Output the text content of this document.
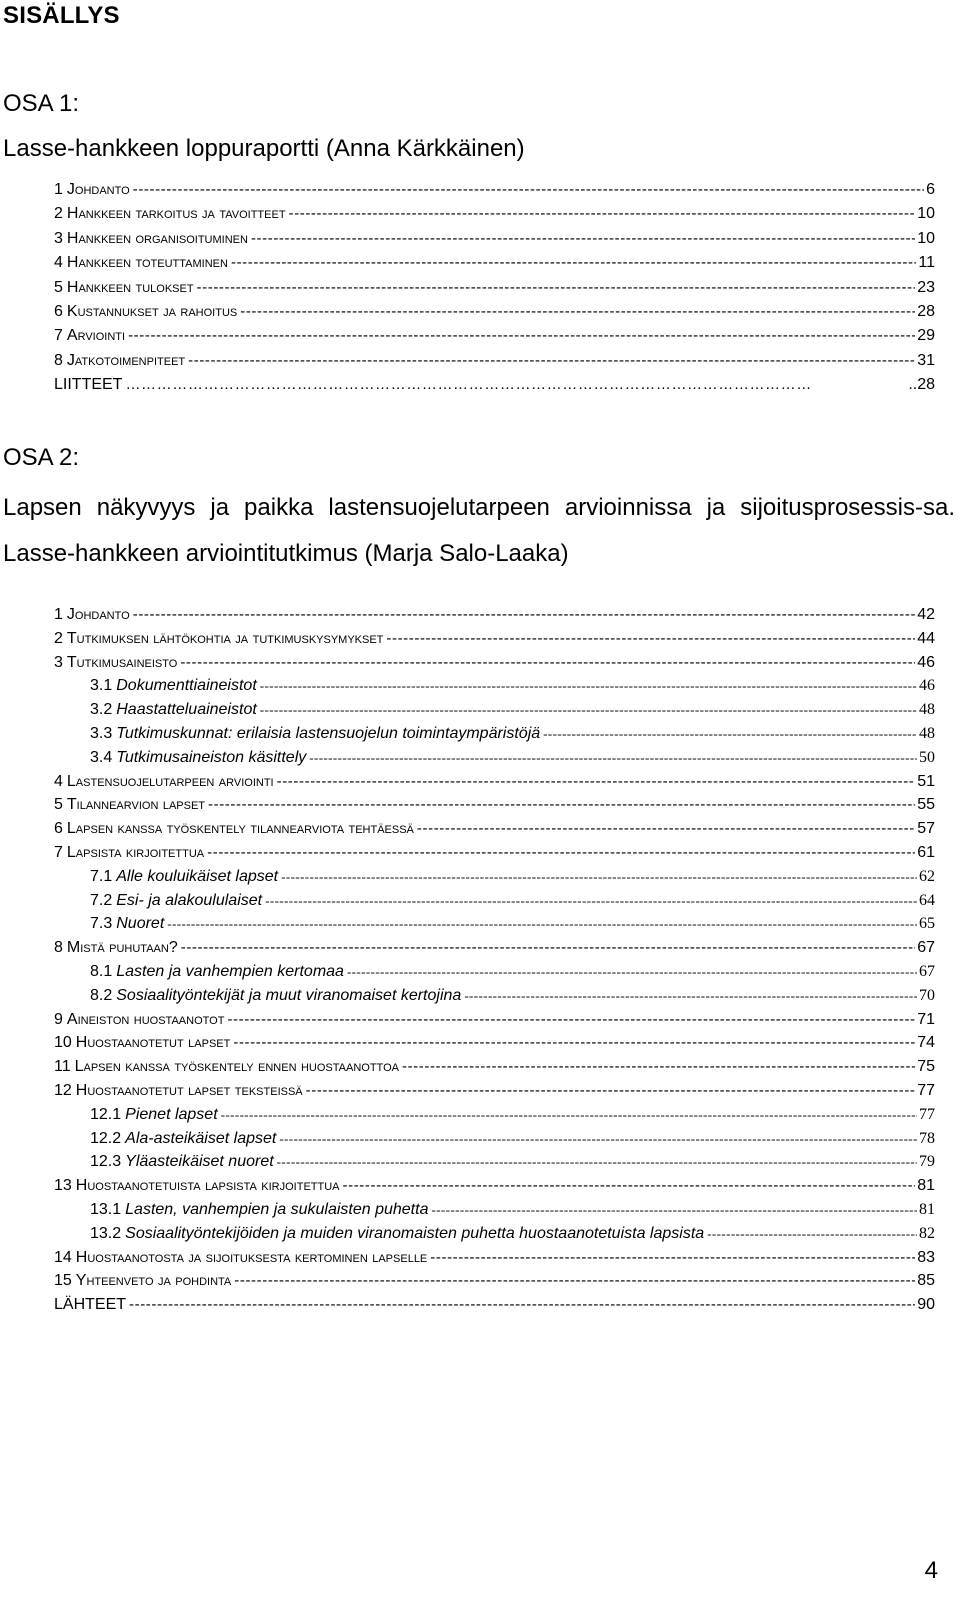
SISÄLLYS
OSA 1:
Lasse-hankkeen loppuraportti (Anna Kärkkäinen)
1 Johdanto -----	6
2 Hankkeen tarkoitus ja tavoitteet -----	10
3 Hankkeen organisoituminen -----	10
4 Hankkeen toteuttaminen -----	11
5 Hankkeen tulokset -----	23
6 Kustannukset ja rahoitus -----	28
7 Arviointi -----	29
8 Jatkotoimenpiteet -----	31
LIITTEET ……………………………………………………………………………………………………………………	..28
OSA 2:
Lapsen näkyvyys ja paikka lastensuojelutarpeen arvioinnissa ja sijoitusprosessis-sa. Lasse-hankkeen arviointitutkimus (Marja Salo-Laaka)
1 Johdanto -----	42
2 Tutkimuksen lähtökohtia ja tutkimuskysymykset -----	44
3 Tutkimusaineisto -----	46
3.1 Dokumenttiaineistot -----	46
3.2 Haastatteluaineistot -----	48
3.3 Tutkimuskunnat: erilaisia lastensuojelun toimintaympäristöjä -----	48
3.4 Tutkimusaineiston käsittely -----	50
4 Lastensuojelutarpeen arviointi -----	51
5 Tilannearvion lapset -----	55
6 Lapsen kanssa työskentely tilannearviota tehtäessä -----	57
7 Lapsista kirjoitettua -----	61
7.1 Alle kouluikäiset lapset -----	62
7.2 Esi- ja alakoululaiset -----	64
7.3 Nuoret -----	65
8 Mistä puhutaan? -----	67
8.1 Lasten ja vanhempien kertomaa -----	67
8.2 Sosiaalityöntekijät ja muut viranomaiset kertojina -----	70
9 Aineiston huostaanotot -----	71
10 Huostaanotetut lapset -----	74
11 Lapsen kanssa työskentely ennen huostaanottoa -----	75
12 Huostaanotetut lapset teksteissä -----	77
12.1 Pienet lapset -----	77
12.2 Ala-asteikäiset lapset -----	78
12.3 Yläasteikäiset nuoret -----	79
13 Huostaanotetuista lapsista kirjoitettua -----	81
13.1 Lasten, vanhempien ja sukulaisten puhetta -----	81
13.2 Sosiaalityöntekijöiden ja muiden viranomaisten puhetta huostaanotetuista lapsista -----	82
14 Huostaanotosta ja sijoituksesta kertominen lapselle -----	83
15 Yhteenveto ja pohdinta -----	85
LÄHTEET -----	90
4
